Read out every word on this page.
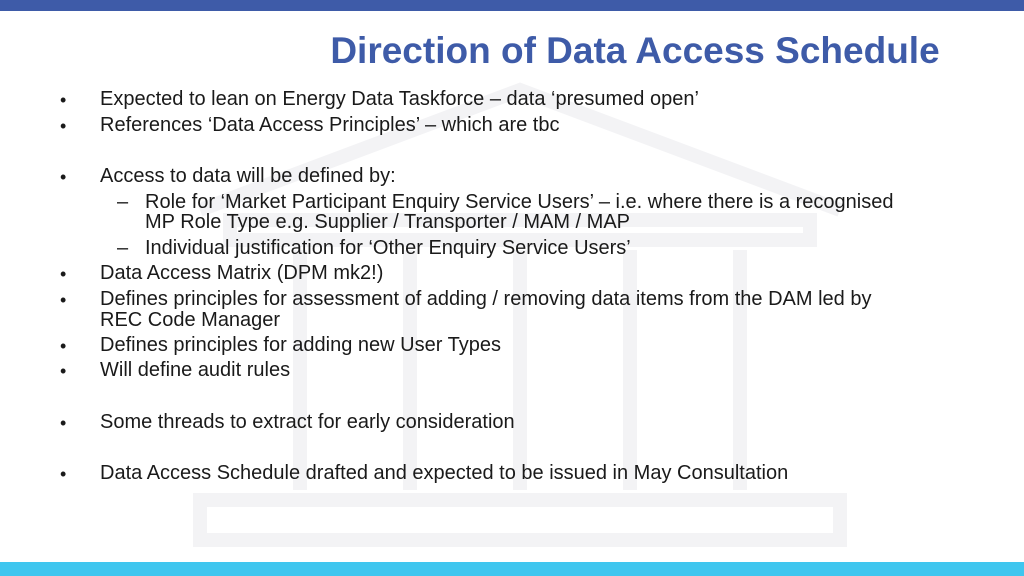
Direction of Data Access Schedule
• Expected to lean on Energy Data Taskforce – data ‘presumed open’
• References ‘Data Access Principles’ – which are tbc
• Access to data will be defined by:
– Role for ‘Market Participant Enquiry Service Users’ – i.e. where there is a recognised
MP Role Type e.g. Supplier / Transporter / MAM / MAP
– Individual justification for ‘Other Enquiry Service Users’
• Data Access Matrix (DPM mk2!)
• Defines principles for assessment of adding / removing data items from the DAM led by
REC Code Manager
• Defines principles for adding new User Types
• Will define audit rules
• Some threads to extract for early consideration
• Data Access Schedule drafted and expected to be issued in May Consultation
